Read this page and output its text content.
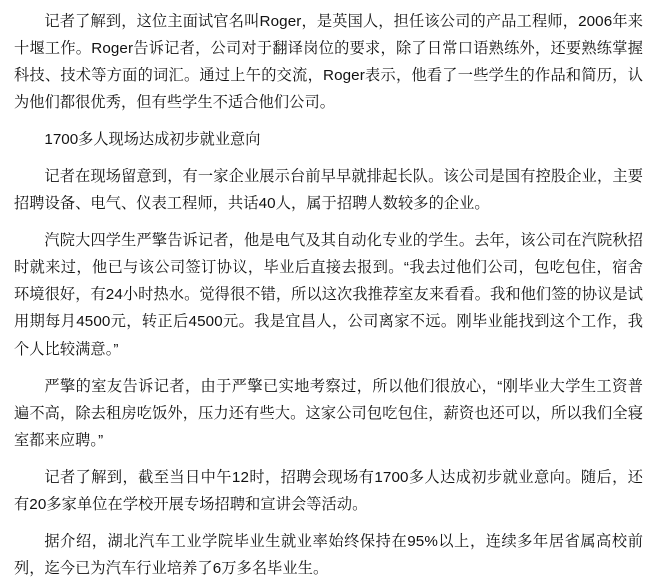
记者了解到，这位主面试官名叫Roger，是英国人，担任该公司的产品工程师，2006年来十堰工作。Roger告诉记者，公司对于翻译岗位的要求，除了日常口语熟练外，还要熟练掌握科技、技术等方面的词汇。通过上午的交流，Roger表示，他看了一些学生的作品和简历，认为他们都很优秀，但有些学生不适合他们公司。

1700多人现场达成初步就业意向

记者在现场留意到，有一家企业展示台前早早就排起长队。该公司是国有控股企业，主要招聘设备、电气、仪表工程师，共话40人，属于招聘人数较多的企业。

汽院大四学生严擎告诉记者，他是电气及其自动化专业的学生。去年，该公司在汽院秋招时就来过，他已与该公司签订协议，毕业后直接去报到。“我去过他们公司，包吃包住，宿舍环境很好，有24小时热水。觉得很不错，所以这次我推荐室友来看看。我和他们签的协议是试用期每月4500元，转正后4500元。我是宜昌人，公司离家不远。刚毕业能找到这个工作，我个人比较满意。”

严擎的室友告诉记者，由于严擎已实地考察过，所以他们很放心，“刚毕业大学生工资普遍不高，除去租房吃饭外，压力还有些大。这家公司包吃包住，薪资也还可以，所以我们全寝室都来应聘。”

记者了解到，截至当日中午12时，招聘会现场有1700多人达成初步就业意向。随后，还有20多家单位在学校开展专场招聘和宣讲会等活动。

据介绍，湖北汽车工业学院毕业生就业率始终保持在95%以上，连续多年居省属高校前列，迄今已为汽车行业培养了6万多名毕业生。
